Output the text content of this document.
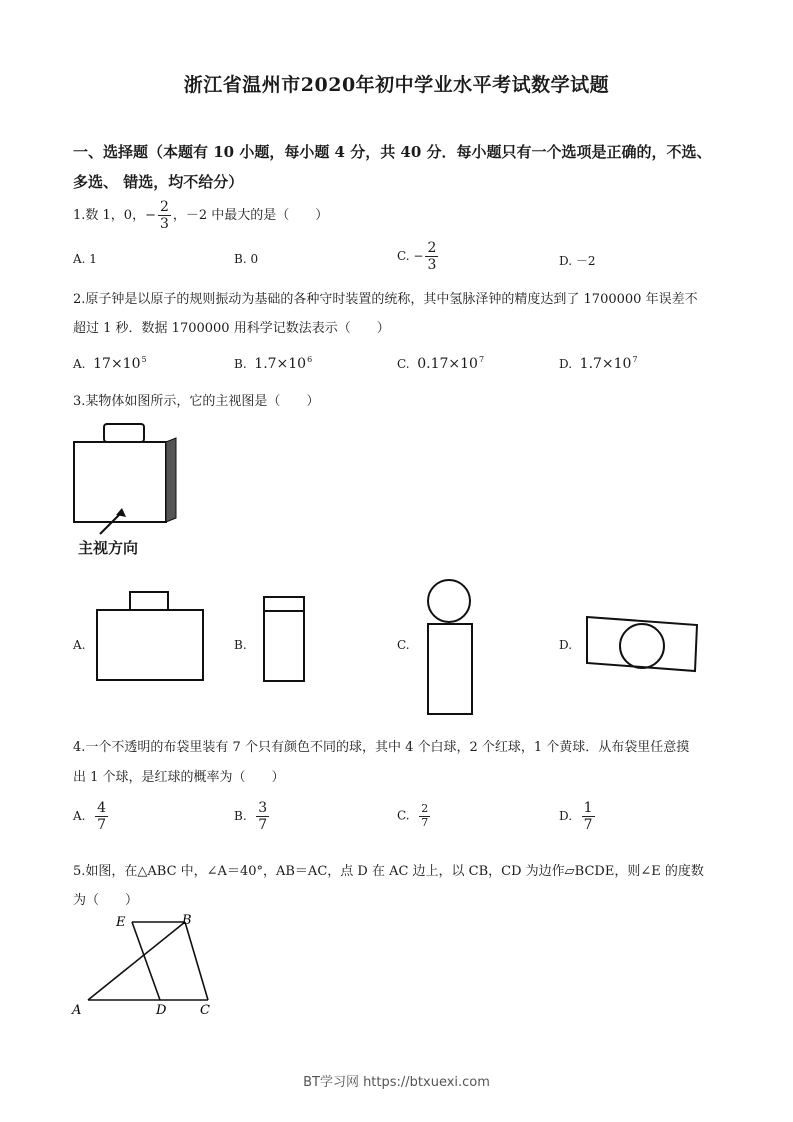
浙江省温州市2020年初中学业水平考试数学试题
一、选择题（本题有 10 小题，每小题 4 分，共 40 分．每小题只有一个选项是正确的，不选、
多选、 错选，均不给分）
1.数 1，0，− $\frac{2}{3}$ ，－2 中最大的是（　　）
A. 1	B. 0	C. − $\frac{2}{3}$	D. －2
2.原子钟是以原子的规则振动为基础的各种守时装置的统称，其中氢脉泽钟的精度达到了 1700000 年误差不
超过 1 秒．数据 1700000 用科学记数法表示（　　）
A. $17\times 10^5$	B. $1.7\times 10^6$	C. $0.17\times 10^7$	D. $1.7\times 10^7$
3.某物体如图所示，它的主视图是（　　）
主视方向
A.	B.	C.	D.
4.一个不透明的布袋里装有 7 个只有颜色不同的球，其中 4 个白球，2 个红球，1 个黄球．从布袋里任意摸
出 1 个球，是红球的概率为（　　）
A. $\frac{4}{7}$	B. $\frac{3}{7}$	C. $\frac{2}{7}$	D. $\frac{1}{7}$
5.如图，在△ABC 中，∠A＝40°，AB＝AC，点 D 在 AC 边上，以 CB，CD 为边作▱BCDE，则∠E 的度数
为（　　）
E	B
A	D	C
BT学习网 https://btxuexi.com
